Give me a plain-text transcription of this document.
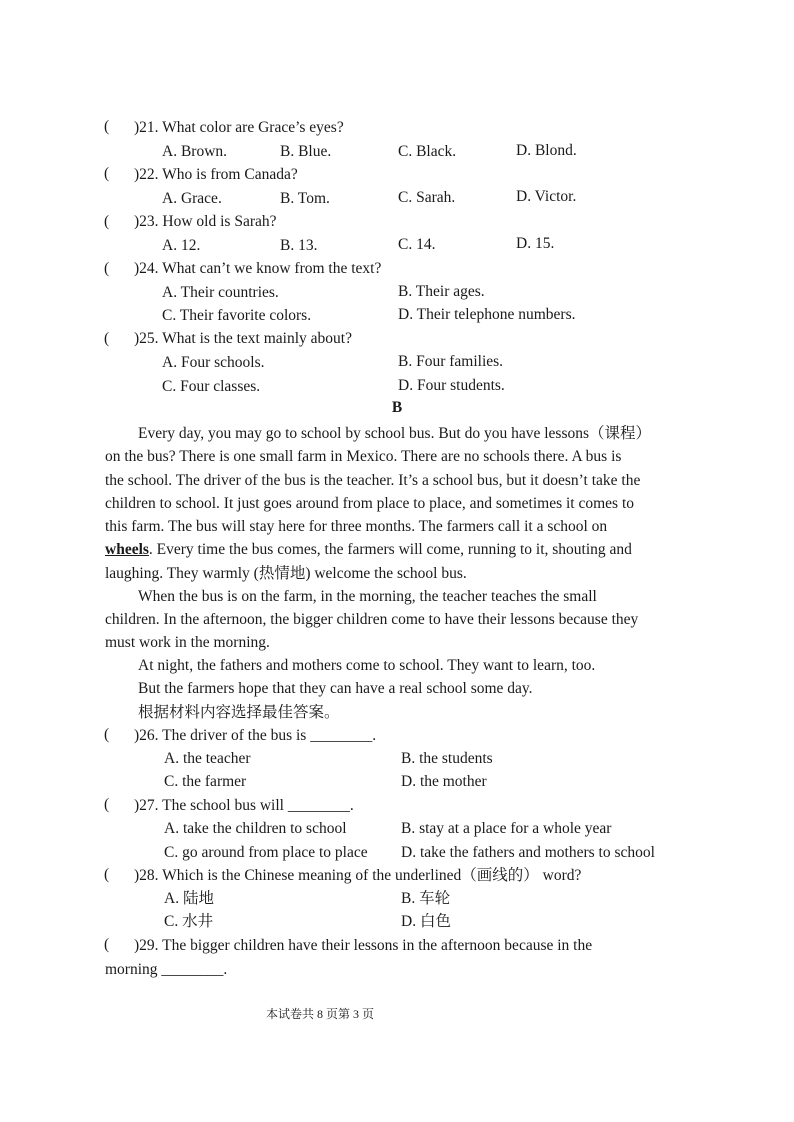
( )21. What color are Grace’s eyes?
A. Brown.	B. Blue.	C. Black.	D. Blond.
( )22. Who is from Canada?
A. Grace.	B. Tom.	C. Sarah.	D. Victor.
( )23. How old is Sarah?
A. 12.	B. 13.	C. 14.	D. 15.
( )24. What can’t we know from the text?
A. Their countries.	B. Their ages.
C. Their favorite colors.	D. Their telephone numbers.
( )25. What is the text mainly about?
A. Four schools.	B. Four families.
C. Four classes.	D. Four students.
B
Every day, you may go to school by school bus. But do you have lessons（课程）
on the bus? There is one small farm in Mexico. There are no schools there. A bus is
the school. The driver of the bus is the teacher. It’s a school bus, but it doesn’t take the
children to school. It just goes around from place to place, and sometimes it comes to
this farm. The bus will stay here for three months. The farmers call it a school on
wheels. Every time the bus comes, the farmers will come, running to it, shouting and
laughing. They warmly (热情地) welcome the school bus.
When the bus is on the farm, in the morning, the teacher teaches the small
children. In the afternoon, the bigger children come to have their lessons because they
must work in the morning.
At night, the fathers and mothers come to school. They want to learn, too.
But the farmers hope that they can have a real school some day.
根据材料内容选择最佳答案。
( )26. The driver of the bus is ________.
A. the teacher	B. the students
C. the farmer	D. the mother
( )27. The school bus will ________.
A. take the children to school	B. stay at a place for a whole year
C. go around from place to place D. take the fathers and mothers to school
( )28. Which is the Chinese meaning of the underlined（画线的） word?
A. 陆地	B. 车轮
C. 水井	D. 白色
( )29. The bigger children have their lessons in the afternoon because in the
morning ________.
本试卷共 8 页第 3 页
